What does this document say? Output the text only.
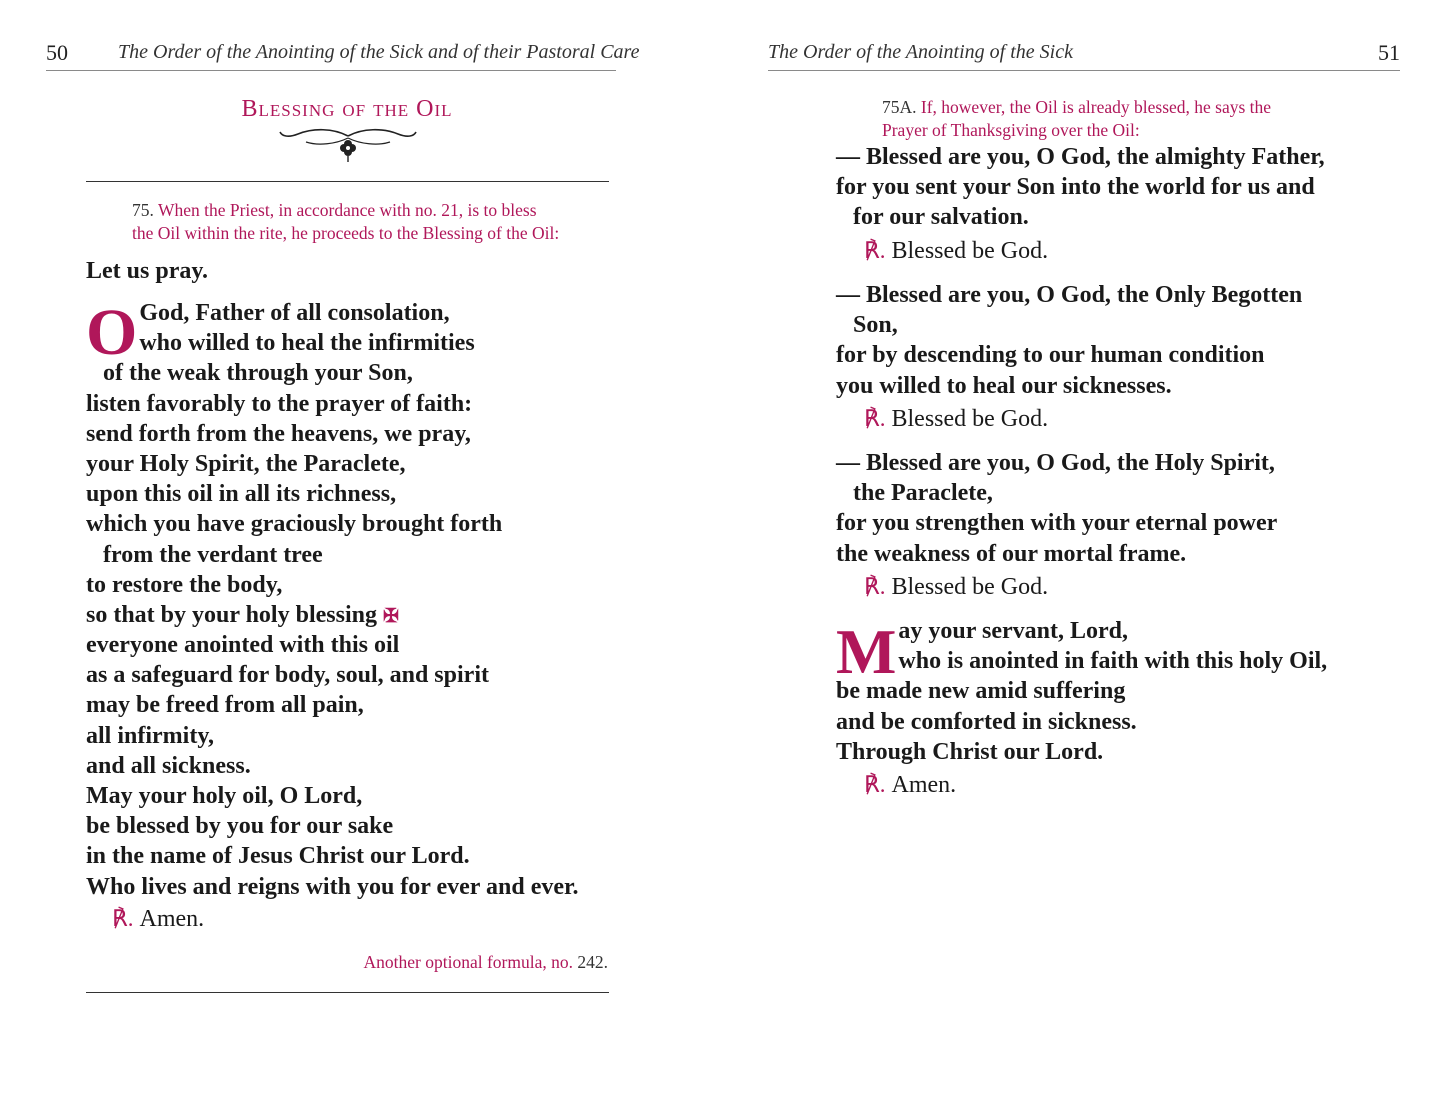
50	The Order of the Anointing of the Sick and of their Pastoral Care
Blessing of the Oil
75. When the Priest, in accordance with no. 21, is to bless
the Oil within the rite, he proceeds to the Blessing of the Oil:
Let us pray.
O God, Father of all consolation,
who willed to heal the infirmities
of the weak through your Son,
listen favorably to the prayer of faith:
send forth from the heavens, we pray,
your Holy Spirit, the Paraclete,
upon this oil in all its richness,
which you have graciously brought forth
from the verdant tree
to restore the body,
so that by your holy blessing ✠
everyone anointed with this oil
as a safeguard for body, soul, and spirit
may be freed from all pain,
all infirmity,
and all sickness.
May your holy oil, O Lord,
be blessed by you for our sake
in the name of Jesus Christ our Lord.
Who lives and reigns with you for ever and ever.
℟. Amen.
Another optional formula, no. 242.
The Order of the Anointing of the Sick	51
75A. If, however, the Oil is already blessed, he says the
Prayer of Thanksgiving over the Oil:
— Blessed are you, O God, the almighty Father,
for you sent your Son into the world for us and
for our salvation.
℟. Blessed be God.
— Blessed are you, O God, the Only Begotten
Son,
for by descending to our human condition
you willed to heal our sicknesses.
℟. Blessed be God.
— Blessed are you, O God, the Holy Spirit,
the Paraclete,
for you strengthen with your eternal power
the weakness of our mortal frame.
℟. Blessed be God.
M ay your servant, Lord,
who is anointed in faith with this holy Oil,
be made new amid suffering
and be comforted in sickness.
Through Christ our Lord.
℟. Amen.
